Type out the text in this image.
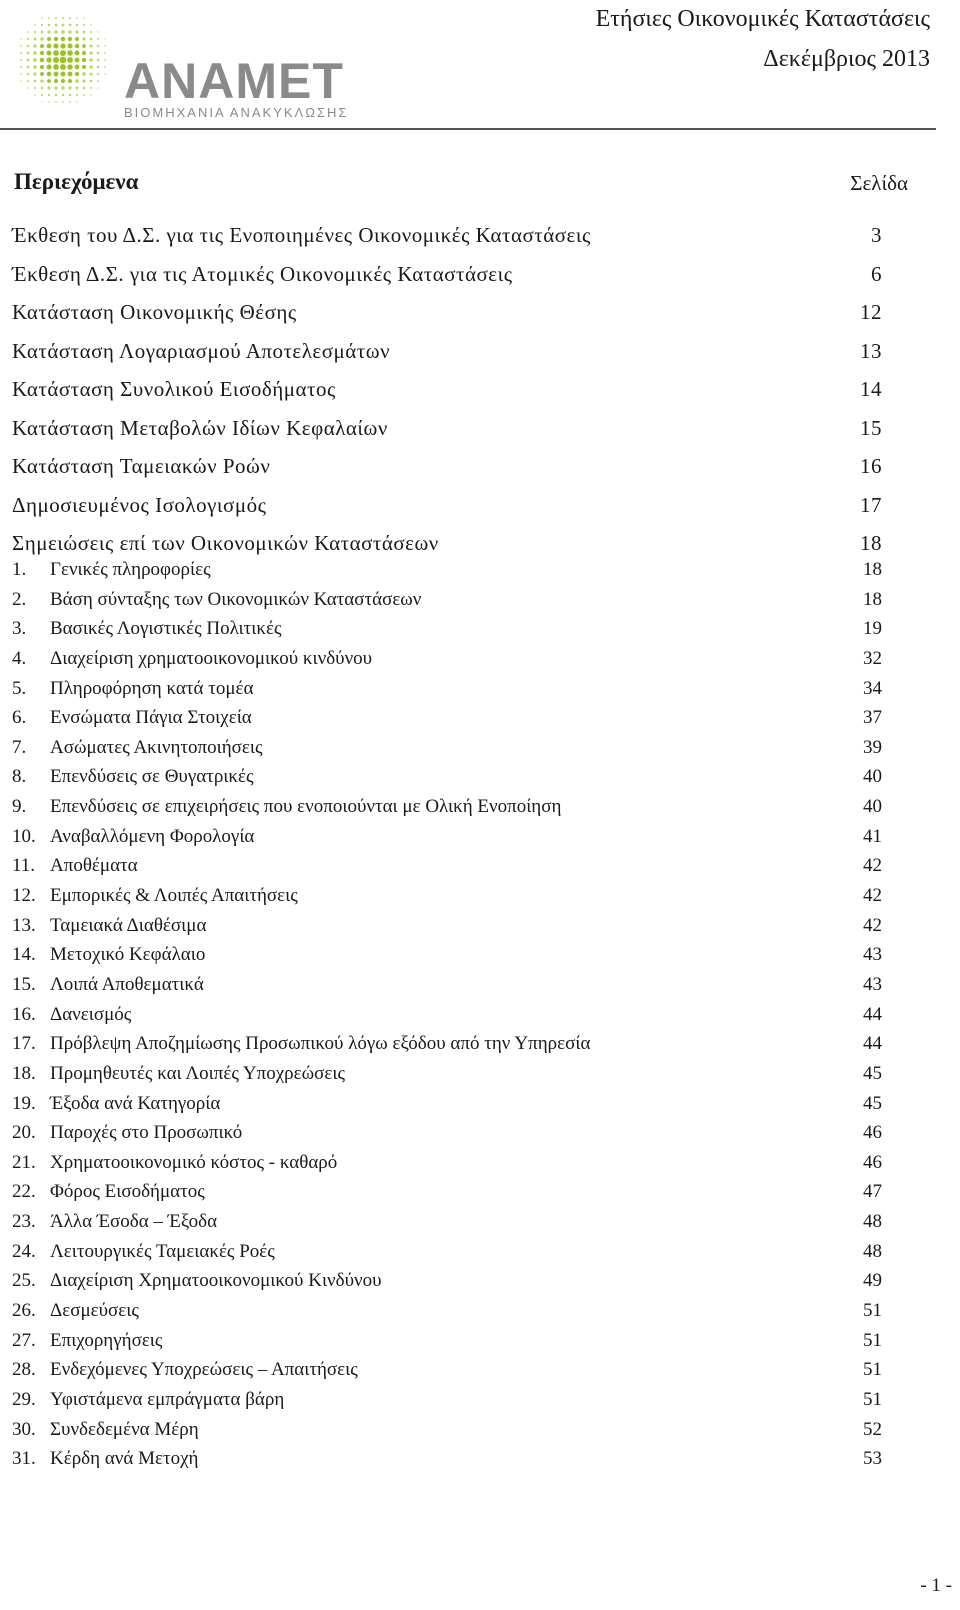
ANAMET
ΒΙΟΜΗΧΑΝΙΑ ΑΝΑΚΥΚΛΩΣΗΣ
Ετήσιες Οικονομικές Καταστάσεις
Δεκέμβριος 2013
Περιεχόμενα	Σελίδα
Έκθεση του Δ.Σ. για τις Ενοποιημένες Οικονομικές Καταστάσεις	3
Έκθεση Δ.Σ. για τις Ατομικές Οικονομικές Καταστάσεις	6
Κατάσταση Οικονομικής Θέσης	12
Κατάσταση Λογαριασμού Αποτελεσμάτων	13
Κατάσταση Συνολικού Εισοδήματος	14
Κατάσταση Μεταβολών Ιδίων Κεφαλαίων	15
Κατάσταση Ταμειακών Ροών	16
Δημοσιευμένος Ισολογισμός	17
Σημειώσεις επί των Οικονομικών Καταστάσεων	18
1.	Γενικές πληροφορίες	18
2.	Βάση σύνταξης των Οικονομικών Καταστάσεων	18
3.	Βασικές Λογιστικές Πολιτικές	19
4.	Διαχείριση χρηματοοικονομικού κινδύνου	32
5.	Πληροφόρηση κατά τομέα	34
6.	Ενσώματα Πάγια Στοιχεία	37
7.	Ασώματες Ακινητοποιήσεις	39
8.	Επενδύσεις σε Θυγατρικές	40
9.	Επενδύσεις σε επιχειρήσεις που ενοποιούνται με Ολική Ενοποίηση	40
10. Αναβαλλόμενη Φορολογία	41
11. Αποθέματα	42
12. Εμπορικές & Λοιπές Απαιτήσεις	42
13. Ταμειακά Διαθέσιμα	42
14. Μετοχικό Κεφάλαιο	43
15. Λοιπά Αποθεματικά	43
16. Δανεισμός	44
17. Πρόβλεψη Αποζημίωσης Προσωπικού λόγω εξόδου από την Υπηρεσία	44
18. Προμηθευτές και Λοιπές Υποχρεώσεις	45
19. Έξοδα ανά Κατηγορία	45
20. Παροχές στο Προσωπικό	46
21. Χρηματοοικονομικό κόστος - καθαρό	46
22. Φόρος Εισοδήματος	47
23. Άλλα Έσοδα – Έξοδα	48
24. Λειτουργικές Ταμειακές Ροές	48
25. Διαχείριση Χρηματοοικονομικού Κινδύνου	49
26. Δεσμεύσεις	51
27. Επιχορηγήσεις	51
28. Ενδεχόμενες Υποχρεώσεις – Απαιτήσεις	51
29. Υφιστάμενα εμπράγματα βάρη	51
30. Συνδεδεμένα Μέρη	52
31. Κέρδη ανά Μετοχή	53
- 1 -
